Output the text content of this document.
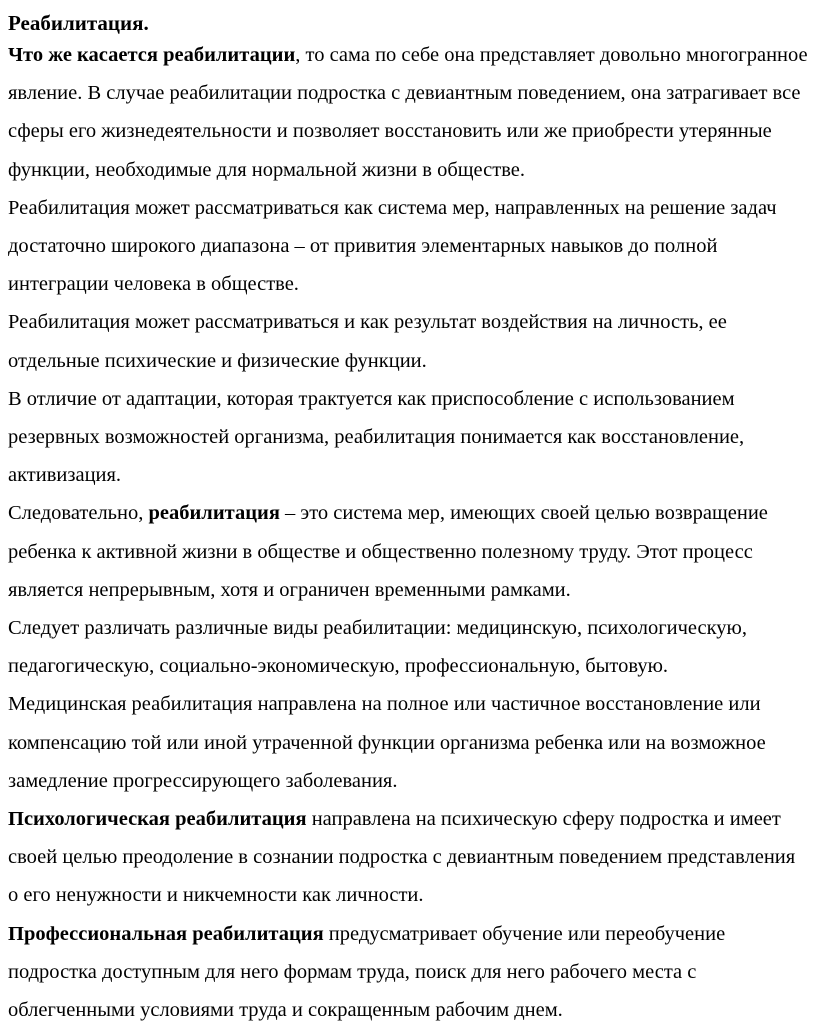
Реабилитация.

Что же касается реабилитации, то сама по себе она представляет довольно многогранное явление. В случае реабилитации подростка с девиантным поведением, она затрагивает все сферы его жизнедеятельности и позволяет восстановить или же приобрести утерянные функции, необходимые для нормальной жизни в обществе.

Реабилитация может рассматриваться как система мер, направленных на решение задач достаточно широкого диапазона – от привития элементарных навыков до полной интеграции человека в обществе.

Реабилитация может рассматриваться и как результат воздействия на личность, ее отдельные психические и физические функции.

В отличие от адаптации, которая трактуется как приспособление с использованием резервных возможностей организма, реабилитация понимается как восстановление, активизация.

Следовательно, реабилитация – это система мер, имеющих своей целью возвращение ребенка к активной жизни в обществе и общественно полезному труду. Этот процесс является непрерывным, хотя и ограничен временными рамками.

Следует различать различные виды реабилитации: медицинскую, психологическую, педагогическую, социально-экономическую, профессиональную, бытовую.

Медицинская реабилитация направлена на полное или частичное восстановление или компенсацию той или иной утраченной функции организма ребенка или на возможное замедление прогрессирующего заболевания.

Психологическая реабилитация направлена на психическую сферу подростка и имеет своей целью преодоление в сознании подростка с девиантным поведением представления о его ненужности и никчемности как личности.

Профессиональная реабилитация предусматривает обучение или переобучение подростка доступным для него формам труда, поиск для него рабочего места с облегченными условиями труда и сокращенным рабочим днем.
